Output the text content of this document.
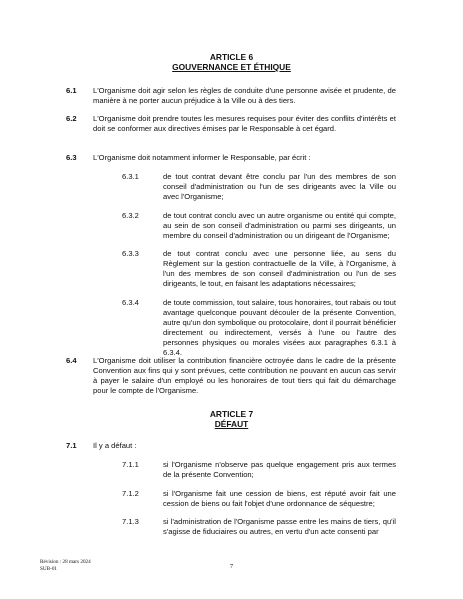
ARTICLE 6
GOUVERNANCE ET ÉTHIQUE
6.1 L'Organisme doit agir selon les règles de conduite d'une personne avisée et prudente, de manière à ne porter aucun préjudice à la Ville ou à des tiers.
6.2 L'Organisme doit prendre toutes les mesures requises pour éviter des conflits d'intérêts et doit se conformer aux directives émises par le Responsable à cet égard.
6.3 L'Organisme doit notamment informer le Responsable, par écrit :
6.3.1	de tout contrat devant être conclu par l'un des membres de son conseil d'administration ou l'un de ses dirigeants avec la Ville ou avec l'Organisme;
6.3.2	de tout contrat conclu avec un autre organisme ou entité qui compte, au sein de son conseil d'administration ou parmi ses dirigeants, un membre du conseil d'administration ou un dirigeant de l'Organisme;
6.3.3	de tout contrat conclu avec une personne liée, au sens du Règlement sur la gestion contractuelle de la Ville, à l'Organisme, à l'un des membres de son conseil d'administration ou l'un de ses dirigeants, le tout, en faisant les adaptations nécessaires;
6.3.4	de toute commission, tout salaire, tous honoraires, tout rabais ou tout avantage quelconque pouvant découler de la présente Convention, autre qu'un don symbolique ou protocolaire, dont il pourrait bénéficier directement ou indirectement, versés à l'une ou l'autre des personnes physiques ou morales visées aux paragraphes 6.3.1 à 6.3.4.
6.4 L'Organisme doit utiliser la contribution financière octroyée dans le cadre de la présente Convention aux fins qui y sont prévues, cette contribution ne pouvant en aucun cas servir à payer le salaire d'un employé ou les honoraires de tout tiers qui fait du démarchage pour le compte de l'Organisme.
ARTICLE 7
DÉFAUT
7.1 Il y a défaut :
7.1.1	si l'Organisme n'observe pas quelque engagement pris aux termes de la présente Convention;
7.1.2	si l'Organisme fait une cession de biens, est réputé avoir fait une cession de biens ou fait l'objet d'une ordonnance de séquestre;
7.1.3	si l'administration de l'Organisme passe entre les mains de tiers, qu'il s'agisse de fiduciaires ou autres, en vertu d'un acte consenti par
Révision : 28 mars 2024
SUB-01	7
